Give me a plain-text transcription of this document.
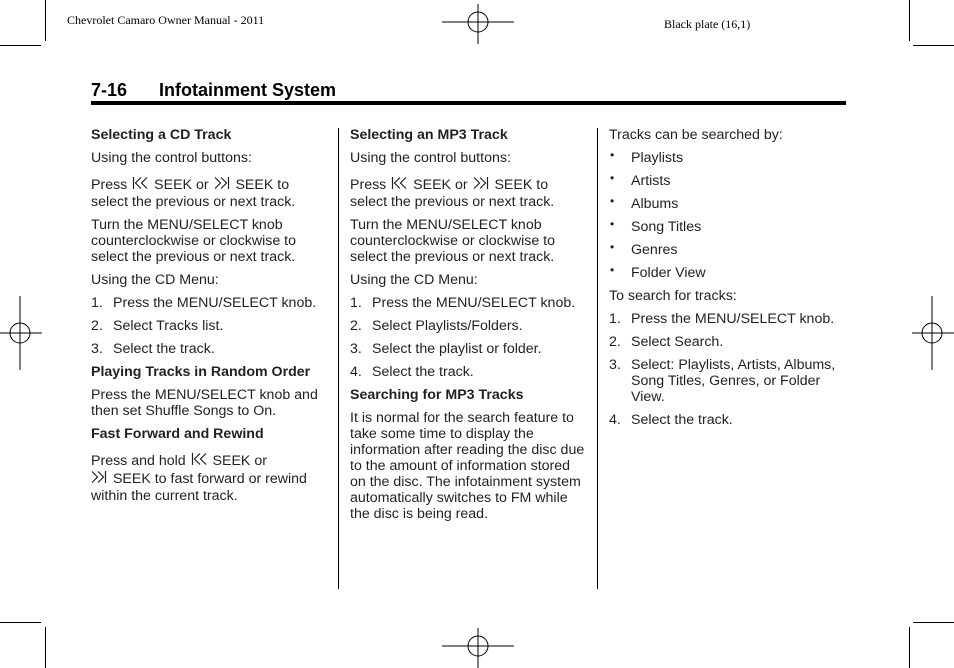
Chevrolet Camaro Owner Manual - 2011	Black plate (16,1)
7-16 Infotainment System
Selecting a CD Track
Using the control buttons:
Press  SEEK or  SEEK to select the previous or next track.
Turn the MENU/SELECT knob counterclockwise or clockwise to select the previous or next track.
Using the CD Menu:
1. Press the MENU/SELECT knob.
2. Select Tracks list.
3. Select the track.
Playing Tracks in Random Order
Press the MENU/SELECT knob and then set Shuffle Songs to On.
Fast Forward and Rewind
Press and hold  SEEK or
SEEK to fast forward or rewind within the current track.
Selecting an MP3 Track
Using the control buttons:
Press  SEEK or  SEEK to select the previous or next track.
Turn the MENU/SELECT knob counterclockwise or clockwise to select the previous or next track.
Using the CD Menu:
1. Press the MENU/SELECT knob.
2. Select Playlists/Folders.
3. Select the playlist or folder.
4. Select the track.
Searching for MP3 Tracks
It is normal for the search feature to take some time to display the information after reading the disc due to the amount of information stored on the disc. The infotainment system automatically switches to FM while the disc is being read.
Tracks can be searched by:
• Playlists
• Artists
• Albums
• Song Titles
• Genres
• Folder View
To search for tracks:
1. Press the MENU/SELECT knob.
2. Select Search.
3. Select: Playlists, Artists, Albums, Song Titles, Genres, or Folder View.
4. Select the track.
